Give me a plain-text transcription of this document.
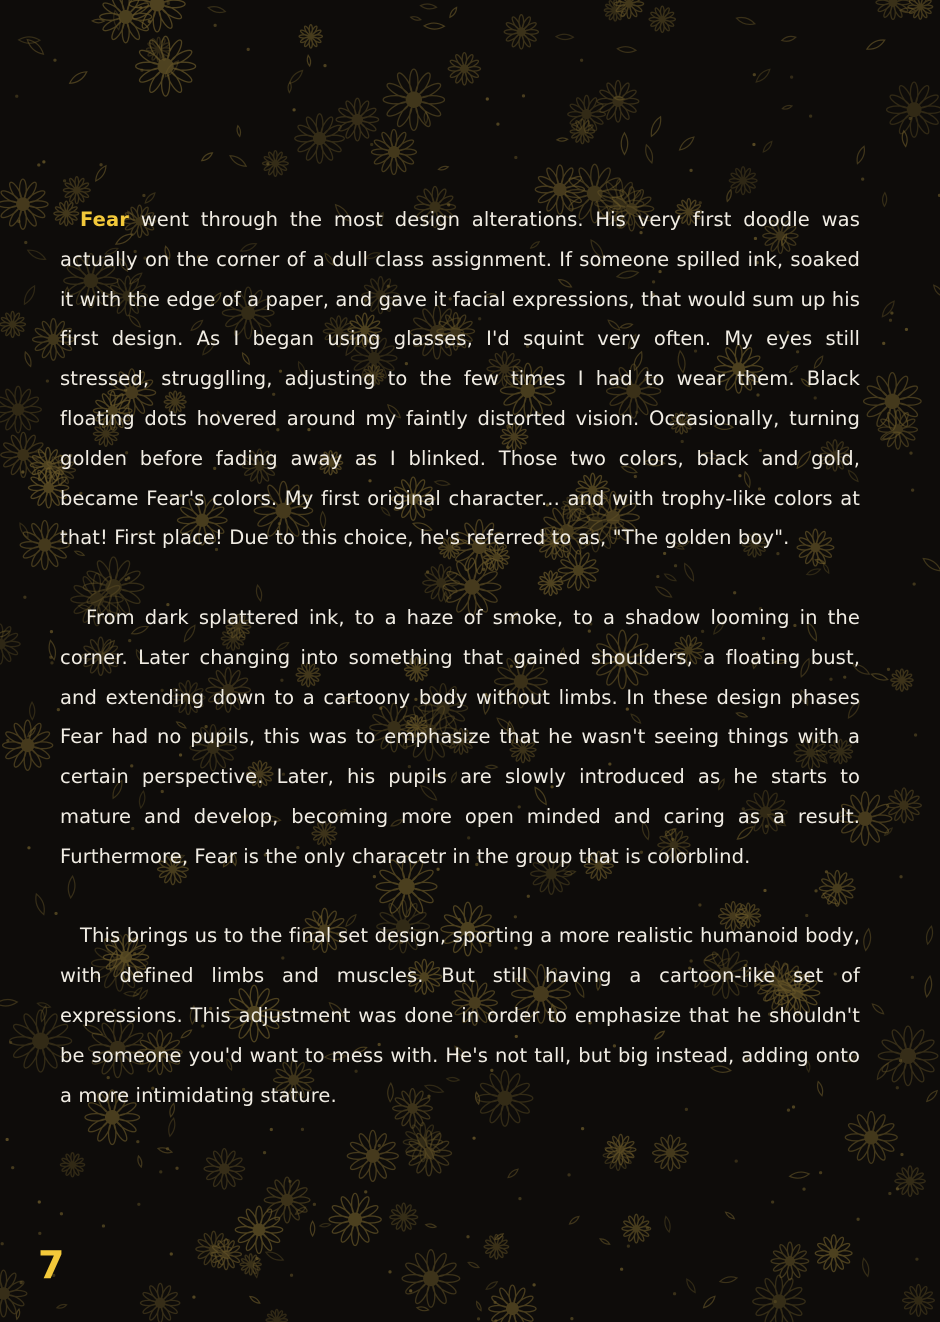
Fear went through the most design alterations. His very first doodle was actually on the corner of a dull class assignment. If someone spilled ink, soaked it with the edge of a paper, and gave it facial expressions, that would sum up his first design. As I began using glasses, I'd squint very often. My eyes still stressed, strugglling, adjusting to the few times I had to wear them. Black floating dots hovered around my faintly distorted vision. Occasionally, turning golden before fading away as I blinked. Those two colors, black and gold, became Fear's colors. My first original character... and with trophy-like colors at that! First place! Due to this choice, he's referred to as, "The golden boy".

From dark splattered ink, to a haze of smoke, to a shadow looming in the corner. Later changing into something that gained shoulders, a floating bust, and extending down to a cartoony body without limbs. In these design phases Fear had no pupils, this was to emphasize that he wasn't seeing things with a certain perspective. Later, his pupils are slowly introduced as he starts to mature and develop, becoming more open minded and caring as a result. Furthermore, Fear is the only characetr in the group that is colorblind.

This brings us to the final set design, sporting a more realistic humanoid body, with defined limbs and muscles. But still having a cartoon-like set of expressions. This adjustment was done in order to emphasize that he shouldn't be someone you'd want to mess with. He's not tall, but big instead, adding onto a more intimidating stature.

7
